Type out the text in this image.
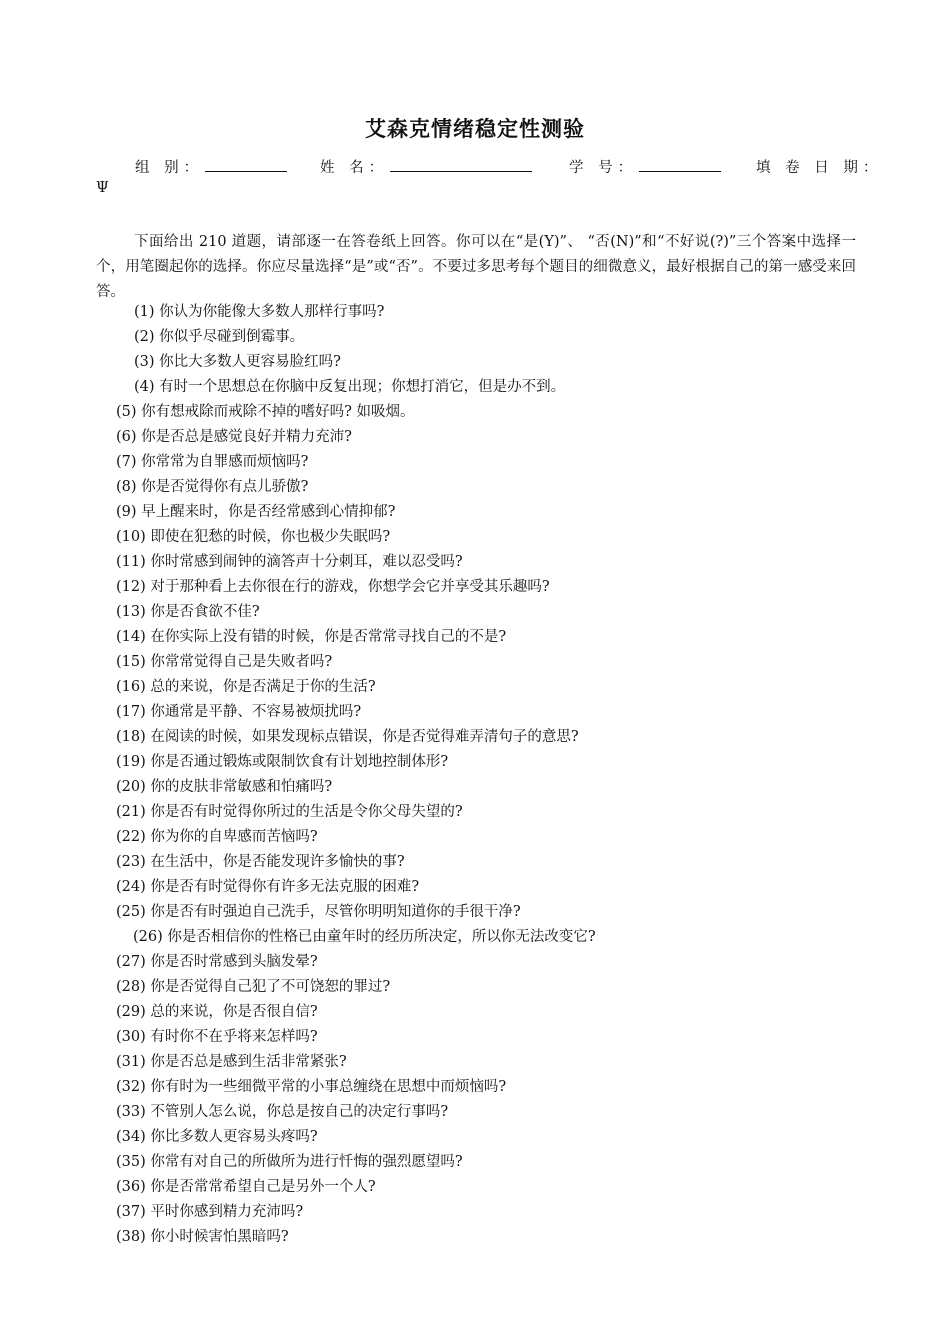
艾森克情绪稳定性测验
组 别：	姓 名：	学 号：	填 卷 日 期：
Ψ
下面给出 210 道题，请部逐一在答卷纸上回答。你可以在“是(Y)”、 “否(N)”和“不好说(?)”三个答案中选择一个，用笔圈起你的选择。你应尽量选择“是”或“否”。不要过多思考每个题目的细微意义，最好根据自己的第一感受来回答。
(1) 你认为你能像大多数人那样行事吗?
(2) 你似乎尽碰到倒霉事。
(3) 你比大多数人更容易脸红吗?
(4) 有时一个思想总在你脑中反复出现；你想打消它，但是办不到。
(5) 你有想戒除而戒除不掉的嗜好吗? 如吸烟。
(6) 你是否总是感觉良好并精力充沛?
(7) 你常常为自罪感而烦恼吗?
(8) 你是否觉得你有点儿骄傲?
(9) 早上醒来时，你是否经常感到心情抑郁?
(10) 即使在犯愁的时候，你也极少失眠吗?
(11) 你时常感到闹钟的滴答声十分刺耳，难以忍受吗?
(12) 对于那种看上去你很在行的游戏，你想学会它并享受其乐趣吗?
(13) 你是否食欲不佳?
(14) 在你实际上没有错的时候，你是否常常寻找自己的不是?
(15) 你常常觉得自己是失败者吗?
(16) 总的来说，你是否满足于你的生活?
(17) 你通常是平静、不容易被烦扰吗?
(18) 在阅读的时候，如果发现标点错误，你是否觉得难弄清句子的意思?
(19) 你是否通过锻炼或限制饮食有计划地控制体形?
(20) 你的皮肤非常敏感和怕痛吗?
(21) 你是否有时觉得你所过的生活是令你父母失望的?
(22) 你为你的自卑感而苦恼吗?
(23) 在生活中，你是否能发现许多愉快的事?
(24) 你是否有时觉得你有许多无法克服的困难?
(25) 你是否有时强迫自己洗手，尽管你明明知道你的手很干净?
(26) 你是否相信你的性格已由童年时的经历所决定，所以你无法改变它?
(27) 你是否时常感到头脑发晕?
(28) 你是否觉得自己犯了不可饶恕的罪过?
(29) 总的来说，你是否很自信?
(30) 有时你不在乎将来怎样吗?
(31) 你是否总是感到生活非常紧张?
(32) 你有时为一些细微平常的小事总缠绕在思想中而烦恼吗?
(33) 不管别人怎么说，你总是按自己的决定行事吗?
(34) 你比多数人更容易头疼吗?
(35) 你常有对自己的所做所为进行忏悔的强烈愿望吗?
(36) 你是否常常希望自己是另外一个人?
(37) 平时你感到精力充沛吗?
(38) 你小时候害怕黑暗吗?
